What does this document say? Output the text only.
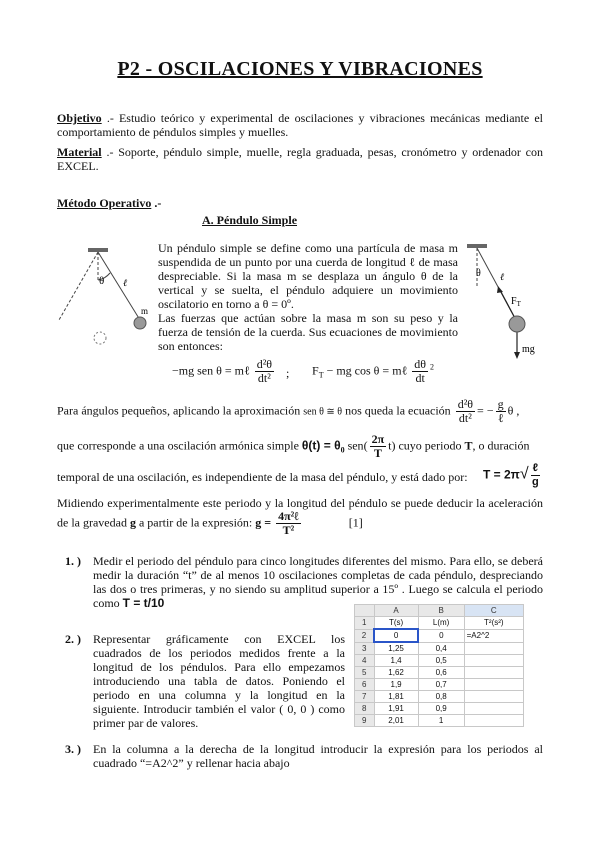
P2 - OSCILACIONES Y VIBRACIONES
Objetivo .- Estudio teórico y experimental de oscilaciones y vibraciones mecánicas mediante el comportamiento de péndulos simples y muelles.
Material .- Soporte, péndulo simple, muelle, regla graduada, pesas, cronómetro y ordenador con EXCEL.
Método Operativo .-
A. Péndulo Simple
θ ℓ
m
Un péndulo simple se define como una partícula de masa m suspendida de un punto por una cuerda de longitud ℓ de masa despreciable. Si la masa m se desplaza un ángulo θ de la vertical y se suelta, el péndulo adquiere un movimiento oscilatorio en torno a θ = 0º.
Las fuerzas que actúan sobre la masa m son su peso y la fuerza de tensión de la cuerda. Sus ecuaciones de movimiento son entonces:
θ ℓ
$F_T$
mg
−mg sen θ = mℓ $\frac{\text{d²θ}}{\text{dt²}}$ ; $F_T$ − mg cos θ = mℓ $\frac{d\theta}{dt} ^2$
Para ángulos pequeños, aplicando la aproximación sen θ ≅ θ nos queda la ecuación $\frac{\text{d²θ}}{\text{dt²}}$ = − $\frac{g}{\text{ℓ}}$ θ ,
que corresponde a una oscilación armónica simple $\theta(t) = \theta_0$ $sen( \frac{2\pi}{T} t)$ cuyo periodo T, o duración
temporal de una oscilación, es independiente de la masa del péndulo, y está dado por:	$T = 2\pi√ \frac{\text{ℓ}}{g}$
Midiendo experimentalmente este periodo y la longitud del péndulo se puede deducir la aceleración de la gravedad g a partir de la expresión: $g = \frac{\text{4π²ℓ}}{\text{T²}}$	[1]
1. ) Medir el periodo del péndulo para cinco longitudes diferentes del mismo. Para ello, se deberá medir la duración “t” de al menos 10 oscilaciones completas de cada péndulo, despreciando las dos o tres primeras, y no siendo su amplitud superior a 15º . Luego se calcula el periodo como T = t/10
2. ) Representar gráficamente con EXCEL los cuadrados de los periodos medidos frente a la longitud de los péndulos. Para ello empezamos introduciendo una tabla de datos. Poniendo el periodo en una columna y la longitud en la siguiente. Introducir también el valor ( 0, 0 ) como primer par de valores.
	A	B	C
1	T(s)	L(m)	T²(s²)
2	0	0	=A2^2
3	1,25	0,4	
4	1,4	0,5	
5	1,62	0,6	
6	1,9	0,7	
7	1,81	0,8	
8	1,91	0,9	
9	2,01	1	
3. ) En la columna a la derecha de la longitud introducir la expresión para los periodos al cuadrado “=A2^2” y rellenar hacia abajo
